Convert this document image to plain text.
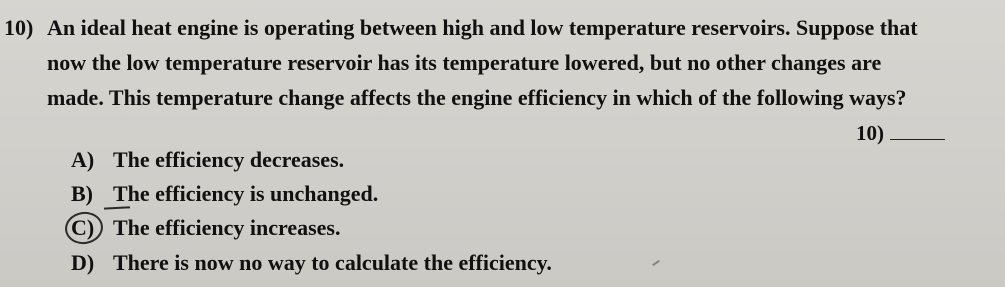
10) An ideal heat engine is operating between high and low temperature reservoirs. Suppose that
now the low temperature reservoir has its temperature lowered, but no other changes are
made. This temperature change affects the engine efficiency in which of the following ways?
10)
A) The efficiency decreases.
B) The efficiency is unchanged.
C) The efficiency increases.
D) There is now no way to calculate the efficiency.
